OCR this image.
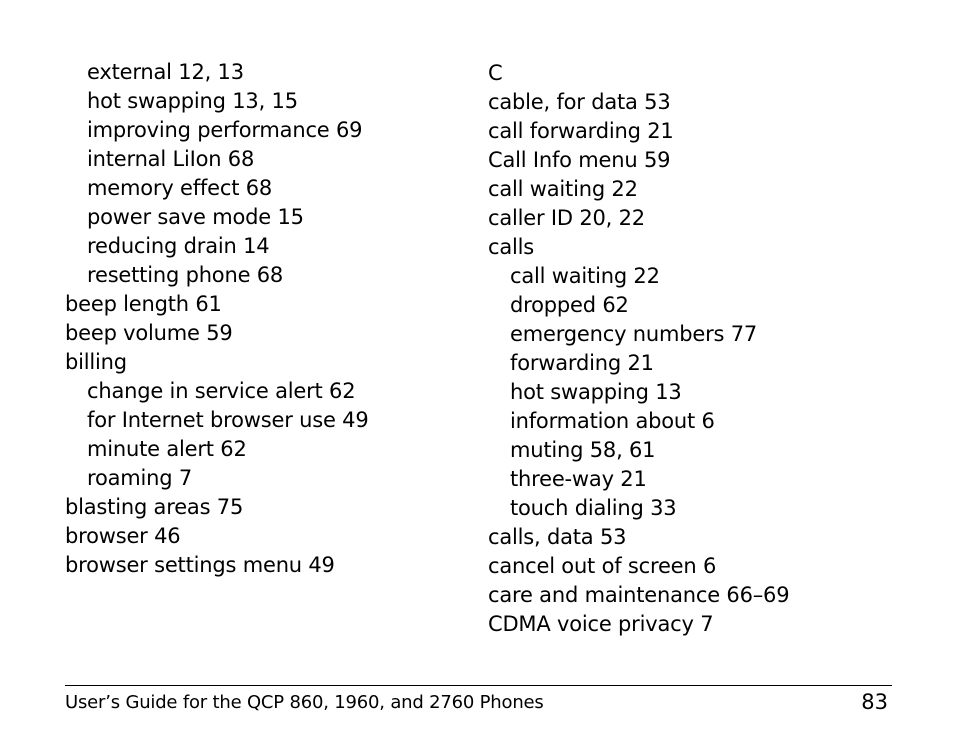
external 12, 13
hot swapping 13, 15
improving performance 69
internal LiIon 68
memory effect 68
power save mode 15
reducing drain 14
resetting phone 68
beep length 61
beep volume 59
billing
change in service alert 62
for Internet browser use 49
minute alert 62
roaming 7
blasting areas 75
browser 46
browser settings menu 49
C
cable, for data 53
call forwarding 21
Call Info menu 59
call waiting 22
caller ID 20, 22
calls
call waiting 22
dropped 62
emergency numbers 77
forwarding 21
hot swapping 13
information about 6
muting 58, 61
three-way 21
touch dialing 33
calls, data 53
cancel out of screen 6
care and maintenance 66–69
CDMA voice privacy 7
User’s Guide for the QCP 860, 1960, and 2760 Phones	83
